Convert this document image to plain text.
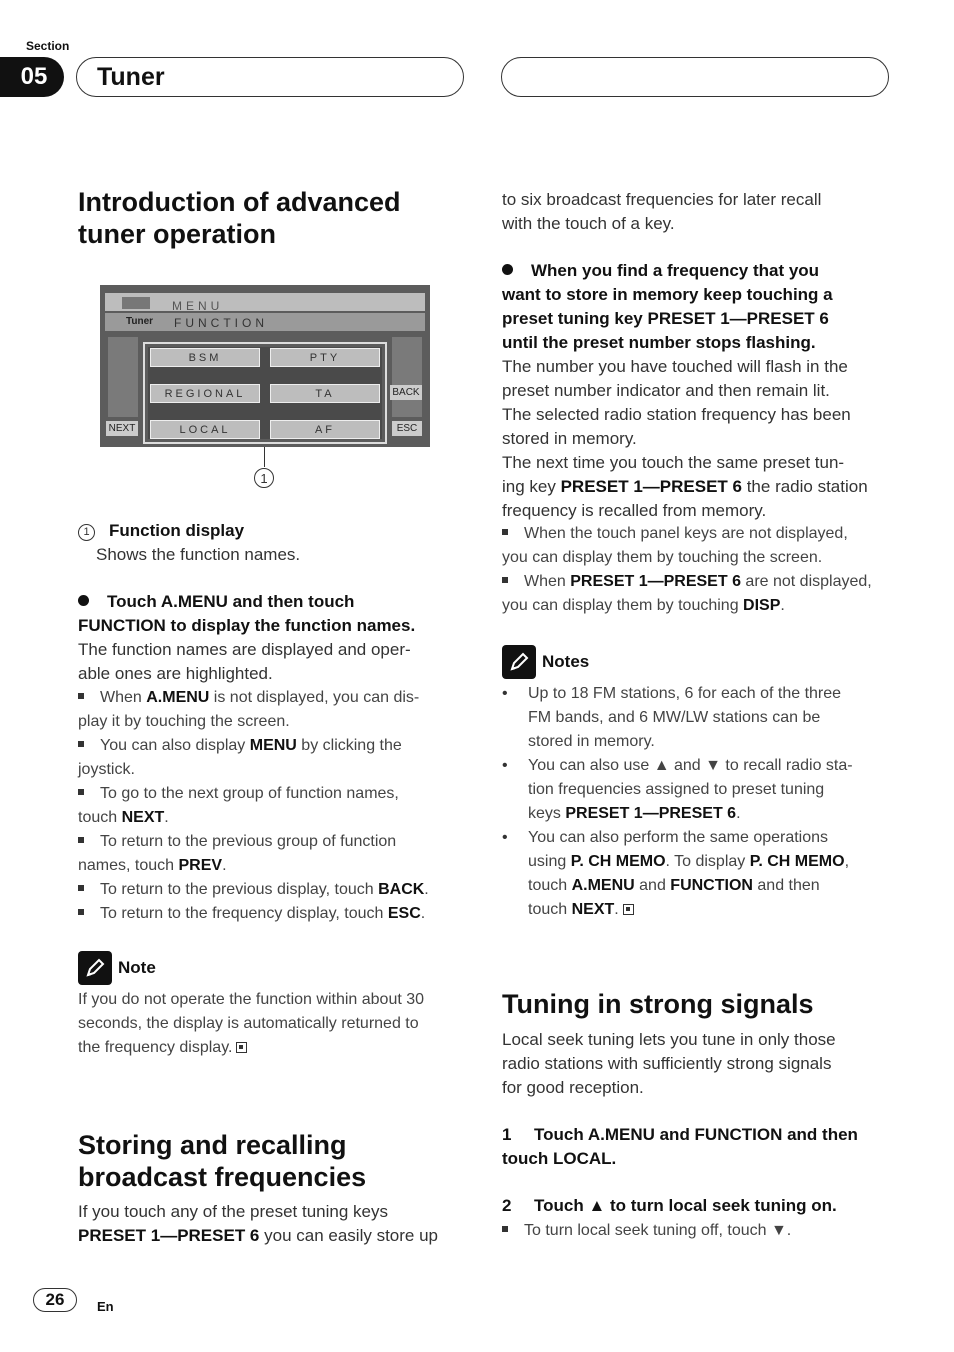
Section
05	Tuner
Introduction of advanced
tuner operation
MENU
Tuner FUNCTION
BSM	PTY
REGIONAL	TA
LOCAL	AF
BACK
NEXT	ESC
1
1 Function display
Shows the function names.
Touch A.MENU and then touch
FUNCTION to display the function names.
The function names are displayed and oper-
able ones are highlighted.
When A.MENU is not displayed, you can dis-
play it by touching the screen.
You can also display MENU by clicking the
joystick.
To go to the next group of function names,
touch NEXT.
To return to the previous group of function
names, touch PREV.
To return to the previous display, touch BACK.
To return to the frequency display, touch ESC.
Note
If you do not operate the function within about 30
seconds, the display is automatically returned to
the frequency display.
Storing and recalling
broadcast frequencies
If you touch any of the preset tuning keys
PRESET 1—PRESET 6 you can easily store up
to six broadcast frequencies for later recall
with the touch of a key.
When you find a frequency that you
want to store in memory keep touching a
preset tuning key PRESET 1—PRESET 6
until the preset number stops flashing.
The number you have touched will flash in the
preset number indicator and then remain lit.
The selected radio station frequency has been
stored in memory.
The next time you touch the same preset tun-
ing key PRESET 1—PRESET 6 the radio station
frequency is recalled from memory.
When the touch panel keys are not displayed,
you can display them by touching the screen.
When PRESET 1—PRESET 6 are not displayed,
you can display them by touching DISP.
Notes
• Up to 18 FM stations, 6 for each of the three
FM bands, and 6 MW/LW stations can be
stored in memory.
• You can also use ▲ and ▼ to recall radio sta-
tion frequencies assigned to preset tuning
keys PRESET 1—PRESET 6.
• You can also perform the same operations
using P. CH MEMO. To display P. CH MEMO,
touch A.MENU and FUNCTION and then
touch NEXT.
Tuning in strong signals
Local seek tuning lets you tune in only those
radio stations with sufficiently strong signals
for good reception.
1 Touch A.MENU and FUNCTION and then
touch LOCAL.
2 Touch ▲ to turn local seek tuning on.
To turn local seek tuning off, touch ▼.
26	En
